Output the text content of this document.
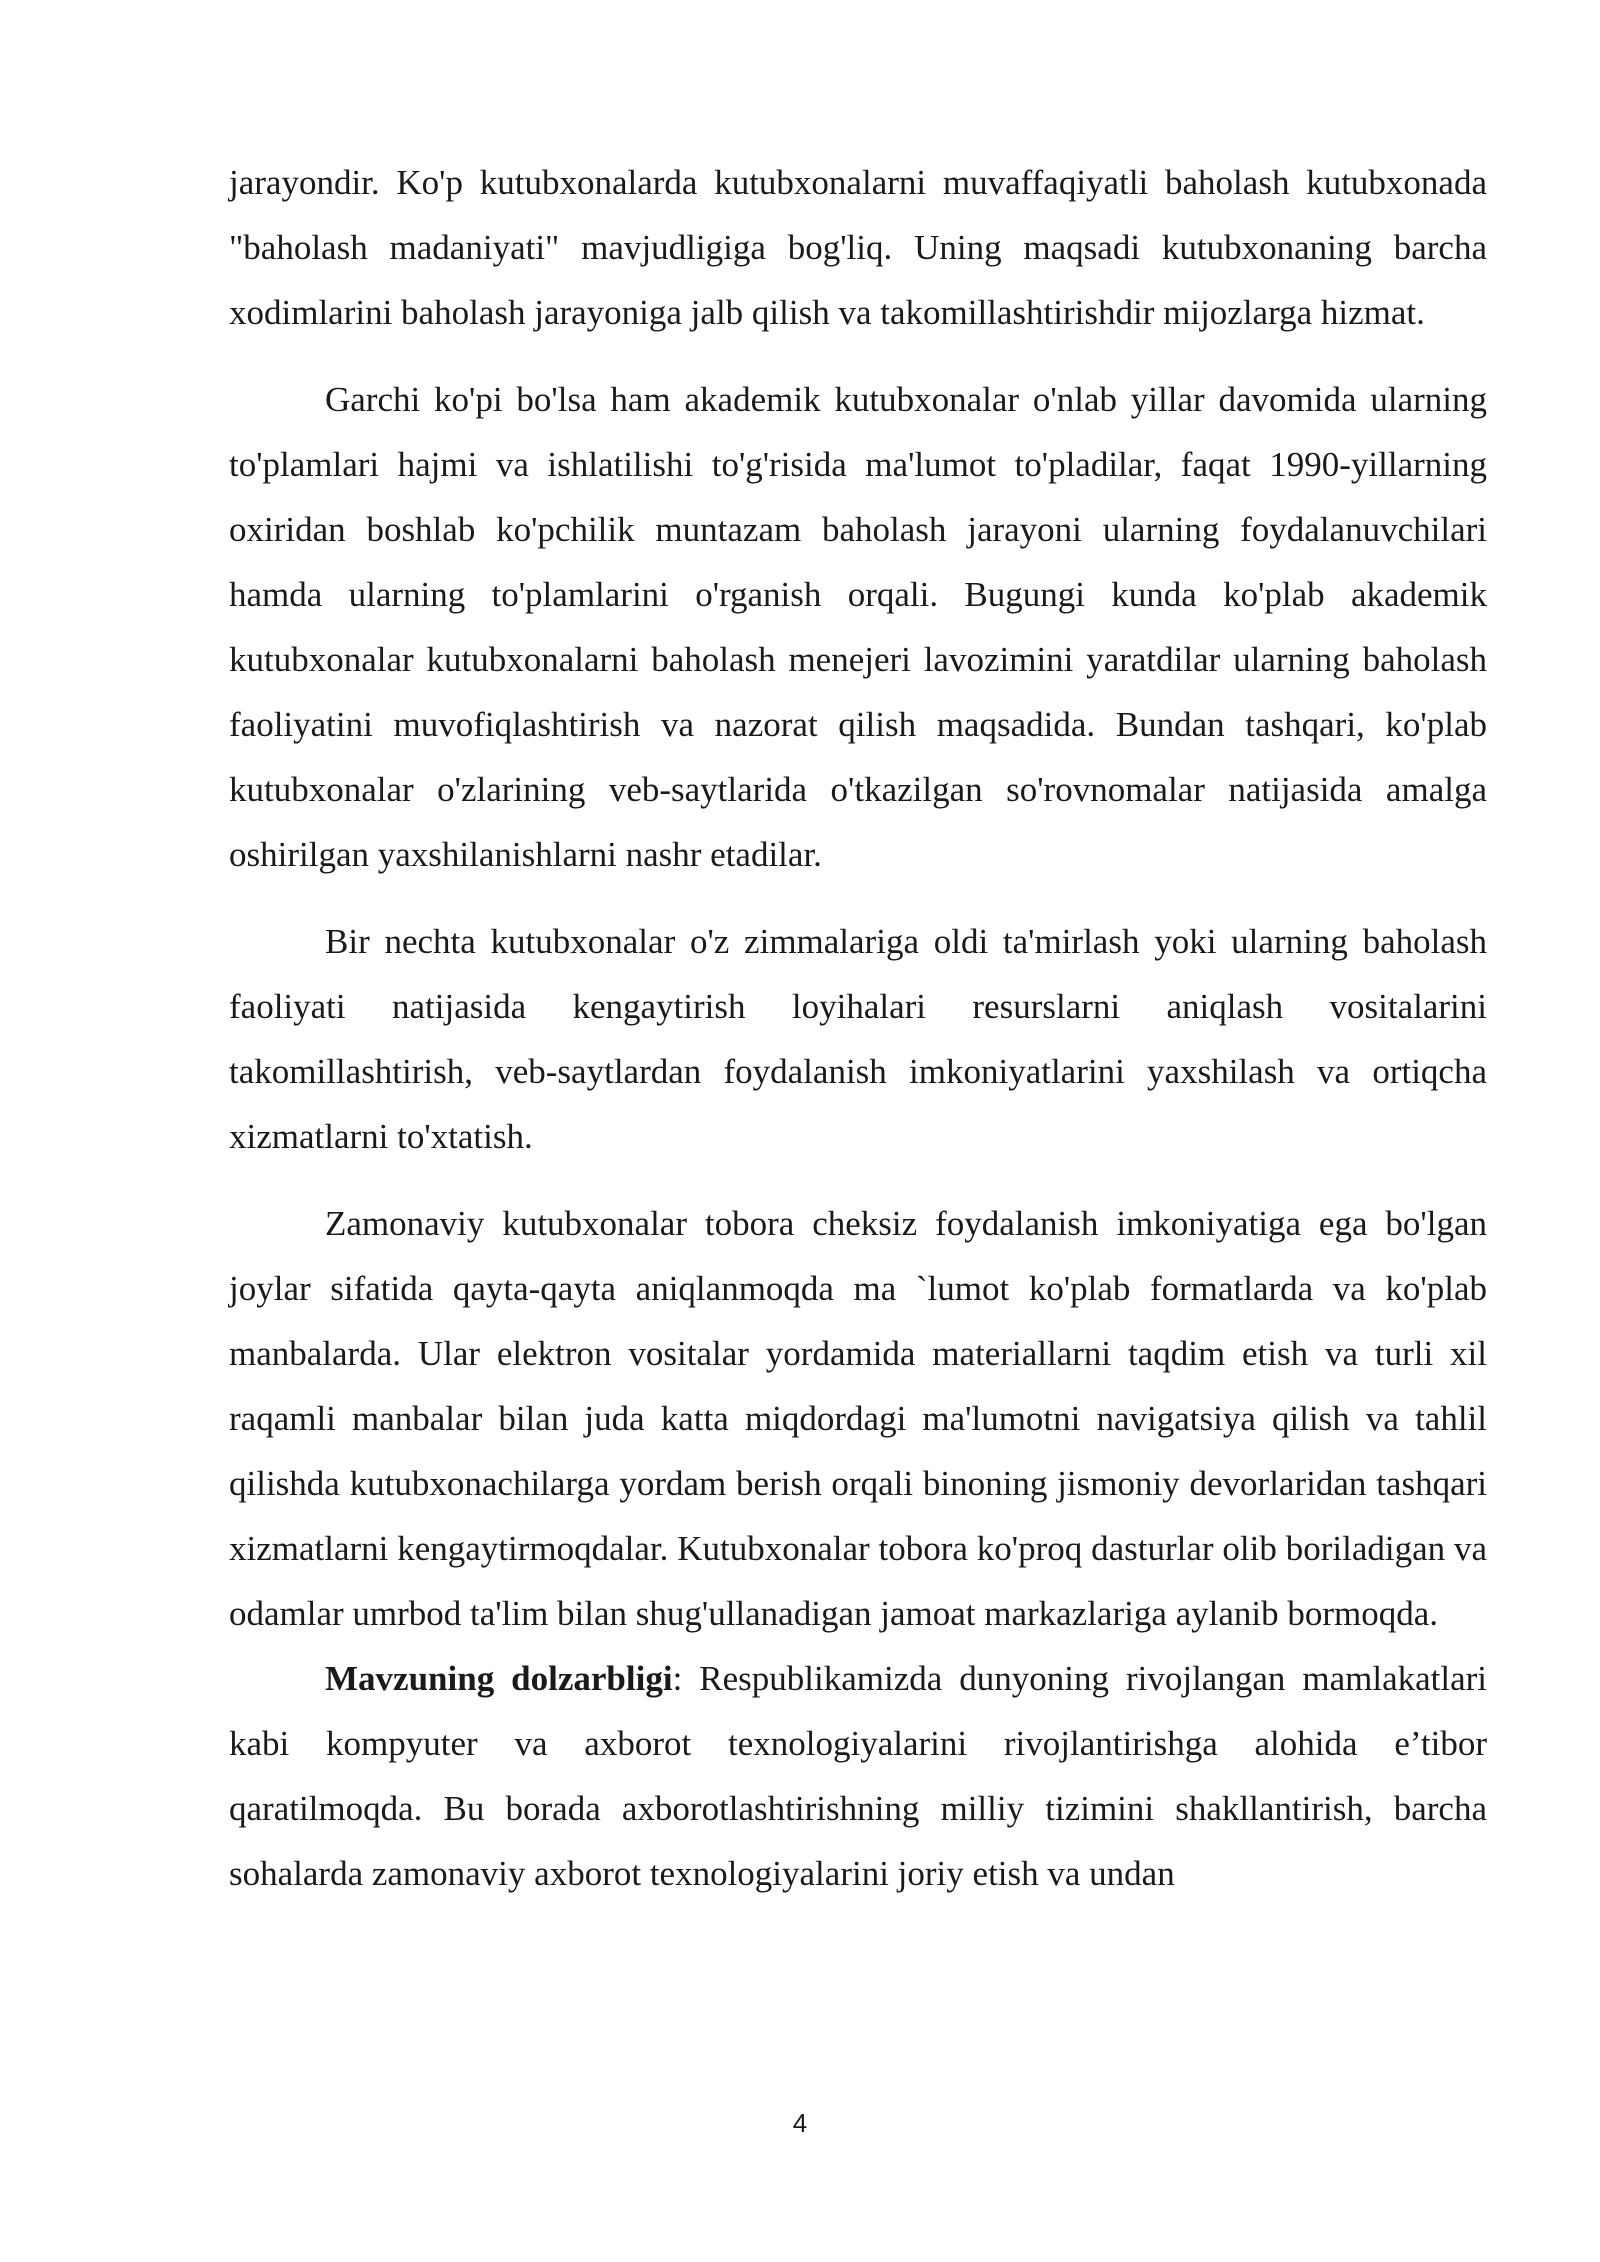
jarayondir. Ko'p kutubxonalarda kutubxonalarni muvaffaqiyatli baholash kutubxonada "baholash madaniyati" mavjudligiga bog'liq. Uning maqsadi kutubxonaning barcha xodimlarini baholash jarayoniga jalb qilish va takomillashtirishdir mijozlarga hizmat.

Garchi ko'pi bo'lsa ham akademik kutubxonalar o'nlab yillar davomida ularning to'plamlari hajmi va ishlatilishi to'g'risida ma'lumot to'pladilar, faqat 1990-yillarning oxiridan boshlab ko'pchilik muntazam baholash jarayoni ularning foydalanuvchilari hamda ularning to'plamlarini o'rganish orqali. Bugungi kunda ko'plab akademik kutubxonalar kutubxonalarni baholash menejeri lavozimini yaratdilar ularning baholash faoliyatini muvofiqlashtirish va nazorat qilish maqsadida. Bundan tashqari, ko'plab kutubxonalar o'zlarining veb-saytlarida o'tkazilgan so'rovnomalar natijasida amalga oshirilgan yaxshilanishlarni nashr etadilar.

Bir nechta kutubxonalar o'z zimmalariga oldi ta'mirlash yoki ularning baholash faoliyati natijasida kengaytirish loyihalari resurslarni aniqlash vositalarini takomillashtirish, veb-saytlardan foydalanish imkoniyatlarini yaxshilash va ortiqcha xizmatlarni to'xtatish.

Zamonaviy kutubxonalar tobora cheksiz foydalanish imkoniyatiga ega bo'lgan joylar sifatida qayta-qayta aniqlanmoqda ma `lumot ko'plab formatlarda va ko'plab manbalarda. Ular elektron vositalar yordamida materiallarni taqdim etish va turli xil raqamli manbalar bilan juda katta miqdordagi ma'lumotni navigatsiya qilish va tahlil qilishda kutubxonachilarga yordam berish orqali binoning jismoniy devorlaridan tashqari xizmatlarni kengaytirmoqdalar. Kutubxonalar tobora ko'proq dasturlar olib boriladigan va odamlar umrbod ta'lim bilan shug'ullanadigan jamoat markazlariga aylanib bormoqda.

Mavzuning dolzarbligi: Respublikamizda dunyoning rivojlangan mamlakatlari kabi kompyuter va axborot texnologiyalarini rivojlantirishga alohida e’tibor qaratilmoqda. Bu borada axborotlashtirishning milliy tizimini shakllantirish, barcha sohalarda zamonaviy axborot texnologiyalarini joriy etish va undan

4
